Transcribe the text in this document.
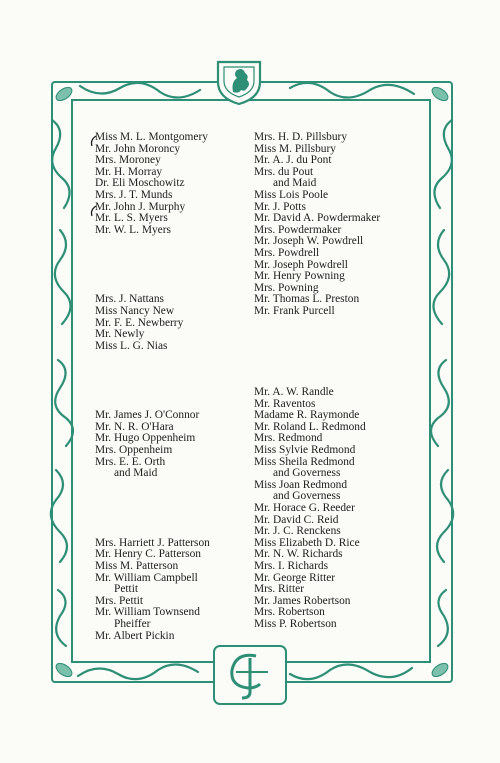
Miss M. L. Montgomery
Mr. John Moroncy
Mrs. Moroney
Mr. H. Morray
Dr. Eli Moschowitz
Mrs. J. T. Munds
Mr. John J. Murphy
Mr. L. S. Myers
Mr. W. L. Myers
Mrs. J. Nattans
Miss Nancy New
Mr. F. E. Newberry
Mr. Newly
Miss L. G. Nias
Mr. James J. O'Connor
Mr. N. R. O'Hara
Mr. Hugo Oppenheim
Mrs. Oppenheim
Mrs. E. E. Orth
and Maid
Mrs. Harriett J. Patterson
Mr. Henry C. Patterson
Miss M. Patterson
Mr. William Campbell
Pettit
Mrs. Pettit
Mr. William Townsend
Pheiffer
Mr. Albert Pickin
Mrs. H. D. Pillsbury
Miss M. Pillsbury
Mr. A. J. du Pont
Mrs. du Pout
and Maid
Miss Lois Poole
Mr. J. Potts
Mr. David A. Powdermaker
Mrs. Powdermaker
Mr. Joseph W. Powdrell
Mrs. Powdrell
Mr. Joseph Powdrell
Mr. Henry Powning
Mrs. Powning
Mr. Thomas L. Preston
Mr. Frank Purcell
Mr. A. W. Randle
Mr. Raventos
Madame R. Raymonde
Mr. Roland L. Redmond
Mrs. Redmond
Miss Sylvie Redmond
Miss Sheila Redmond
and Governess
Miss Joan Redmond
and Governess
Mr. Horace G. Reeder
Mr. David C. Reid
Mr. J. C. Renckens
Miss Elizabeth D. Rice
Mr. N. W. Richards
Mrs. I. Richards
Mr. George Ritter
Mrs. Ritter
Mr. James Robertson
Mrs. Robertson
Miss P. Robertson
